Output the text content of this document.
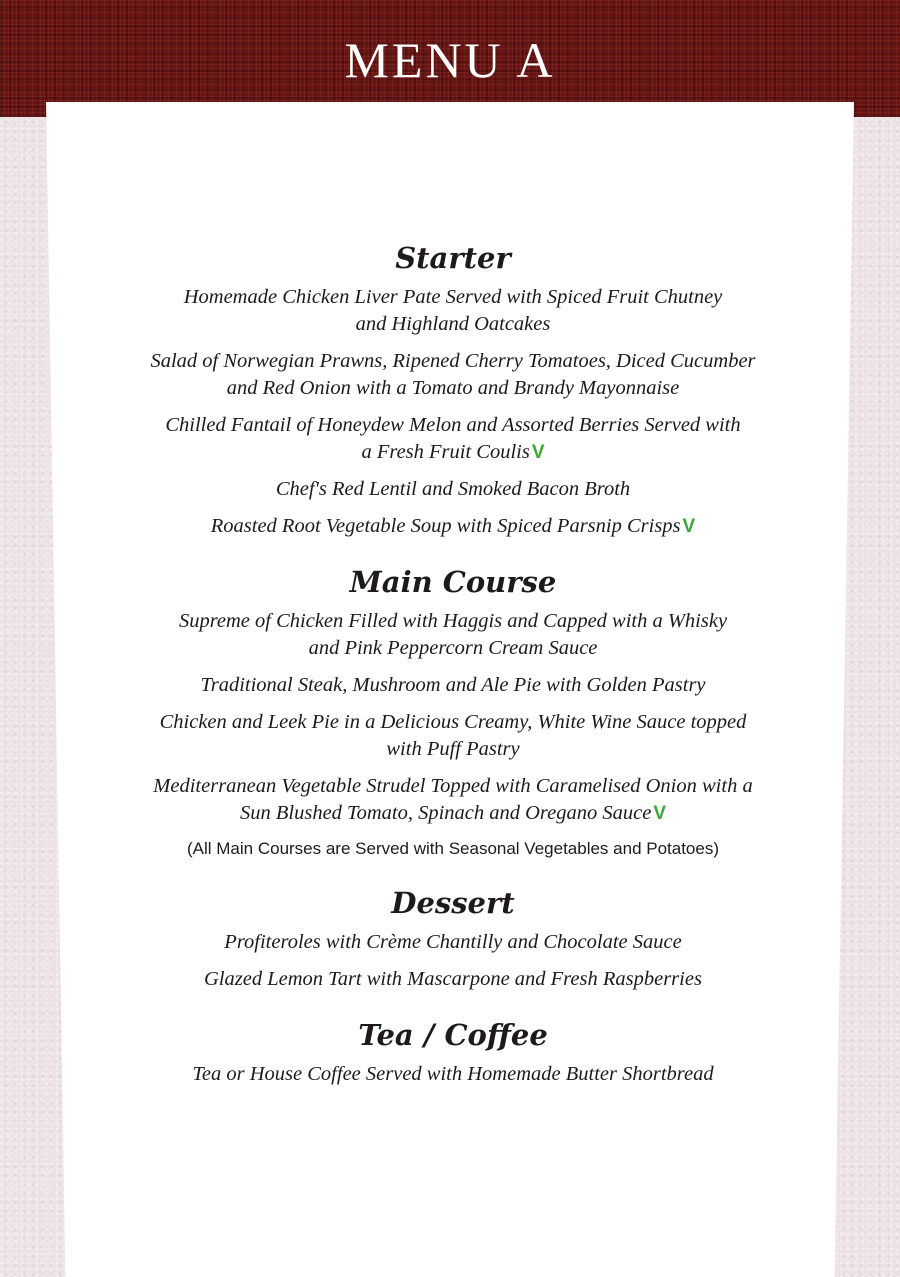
MENU A
Starter

Homemade Chicken Liver Pate Served with Spiced Fruit Chutney
and Highland Oatcakes

Salad of Norwegian Prawns, Ripened Cherry Tomatoes, Diced Cucumber
and Red Onion with a Tomato and Brandy Mayonnaise

Chilled Fantail of Honeydew Melon and Assorted Berries Served with
a Fresh Fruit Coulis V

Chef's Red Lentil and Smoked Bacon Broth

Roasted Root Vegetable Soup with Spiced Parsnip Crisps V

Main Course

Supreme of Chicken Filled with Haggis and Capped with a Whisky
and Pink Peppercorn Cream Sauce

Traditional Steak, Mushroom and Ale Pie with Golden Pastry

Chicken and Leek Pie in a Delicious Creamy, White Wine Sauce topped
with Puff Pastry

Mediterranean Vegetable Strudel Topped with Caramelised Onion with a
Sun Blushed Tomato, Spinach and Oregano Sauce V

(All Main Courses are Served with Seasonal Vegetables and Potatoes)

Dessert

Profiteroles with Crème Chantilly and Chocolate Sauce

Glazed Lemon Tart with Mascarpone and Fresh Raspberries

Tea / Coffee

Tea or House Coffee Served with Homemade Butter Shortbread
